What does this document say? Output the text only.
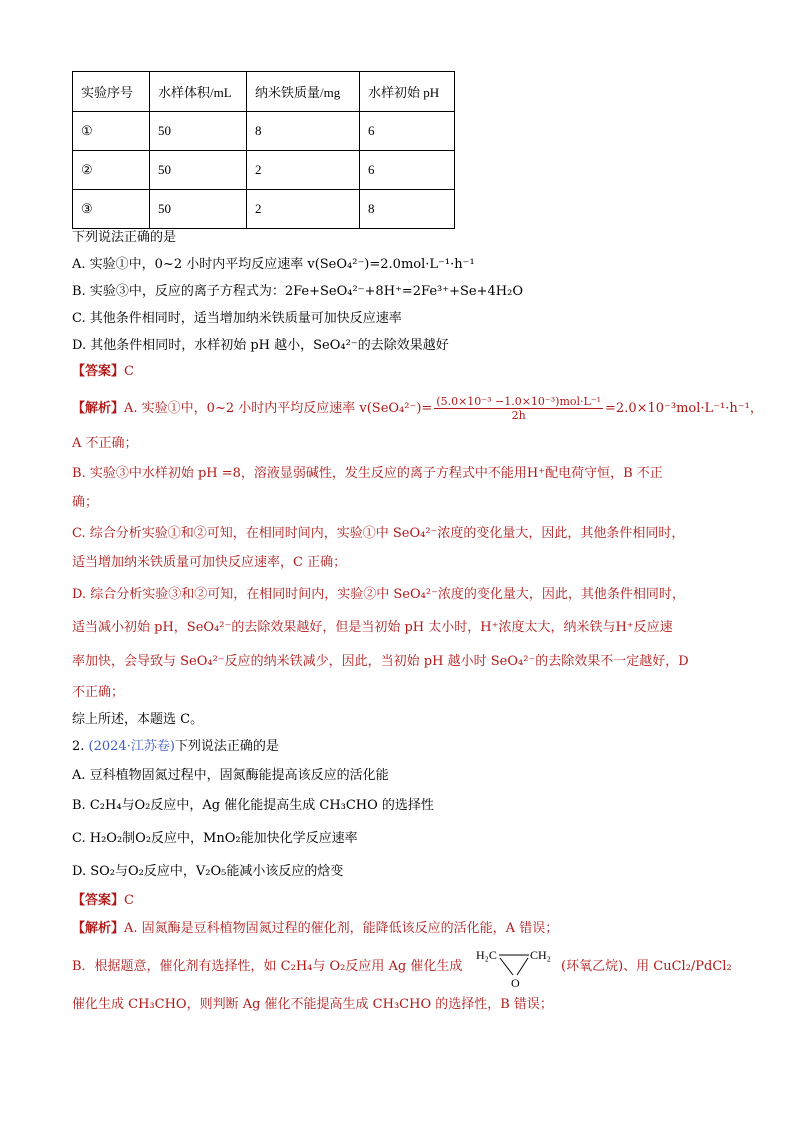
实验序号	水样体积/mL	纳米铁质量/mg	水样初始 pH
①	50	8	6
②	50	2	6
③	50	2	8
下列说法正确的是
A. 实验①中，0~2 小时内平均反应速率 v(SeO₄²⁻)=2.0mol·L⁻¹·h⁻¹
B. 实验③中，反应的离子方程式为：2Fe+SeO₄²⁻+8H⁺=2Fe³⁺+Se+4H₂O
C. 其他条件相同时，适当增加纳米铁质量可加快反应速率
D. 其他条件相同时，水样初始 pH 越小，SeO₄²⁻的去除效果越好
【答案】C
【解析】A. 实验①中，0~2 小时内平均反应速率 $v(SeO_4^{2-})= \frac{\text{(5.0×10⁻³ −1.0×10⁻³)mol·L⁻¹}}{2h} =2.0\times 10^{-3}mol\cdot L^{-1}\cdot h^{-1}$，
A 不正确；
B. 实验③中水样初始 pH =8，溶液显弱碱性，发生反应的离子方程式中不能用H⁺配电荷守恒，B 不正
确；
C. 综合分析实验①和②可知，在相同时间内，实验①中 SeO₄²⁻浓度的变化量大，因此，其他条件相同时，
适当增加纳米铁质量可加快反应速率，C 正确；
D. 综合分析实验③和②可知，在相同时间内，实验②中 SeO₄²⁻浓度的变化量大，因此，其他条件相同时，
适当减小初始 pH，SeO₄²⁻的去除效果越好，但是当初始 pH 太小时，H⁺浓度太大，纳米铁与H⁺反应速
率加快，会导致与 SeO₄²⁻反应的纳米铁减少，因此，当初始 pH 越小时 SeO₄²⁻的去除效果不一定越好，D
不正确；
综上所述，本题选 C。
2. (2024·江苏卷)下列说法正确的是
A. 豆科植物固氮过程中，固氮酶能提高该反应的活化能
B. C₂H₄与O₂反应中，Ag 催化能提高生成 CH₃CHO 的选择性
C. H₂O₂制O₂反应中，MnO₂能加快化学反应速率
D. SO₂与O₂反应中，V₂O₅能减小该反应的焓变
【答案】C
【解析】A. 固氮酶是豆科植物固氮过程的催化剂，能降低该反应的活化能，A 错误；
B．根据题意，催化剂有选择性，如 C₂H₄与 O₂反应用 Ag 催化生成
H₂C	CH₂
O
(环氧乙烷)、用 CuCl₂/PdCl₂
催化生成 CH₃CHO，则判断 Ag 催化不能提高生成 CH₃CHO 的选择性，B 错误；
